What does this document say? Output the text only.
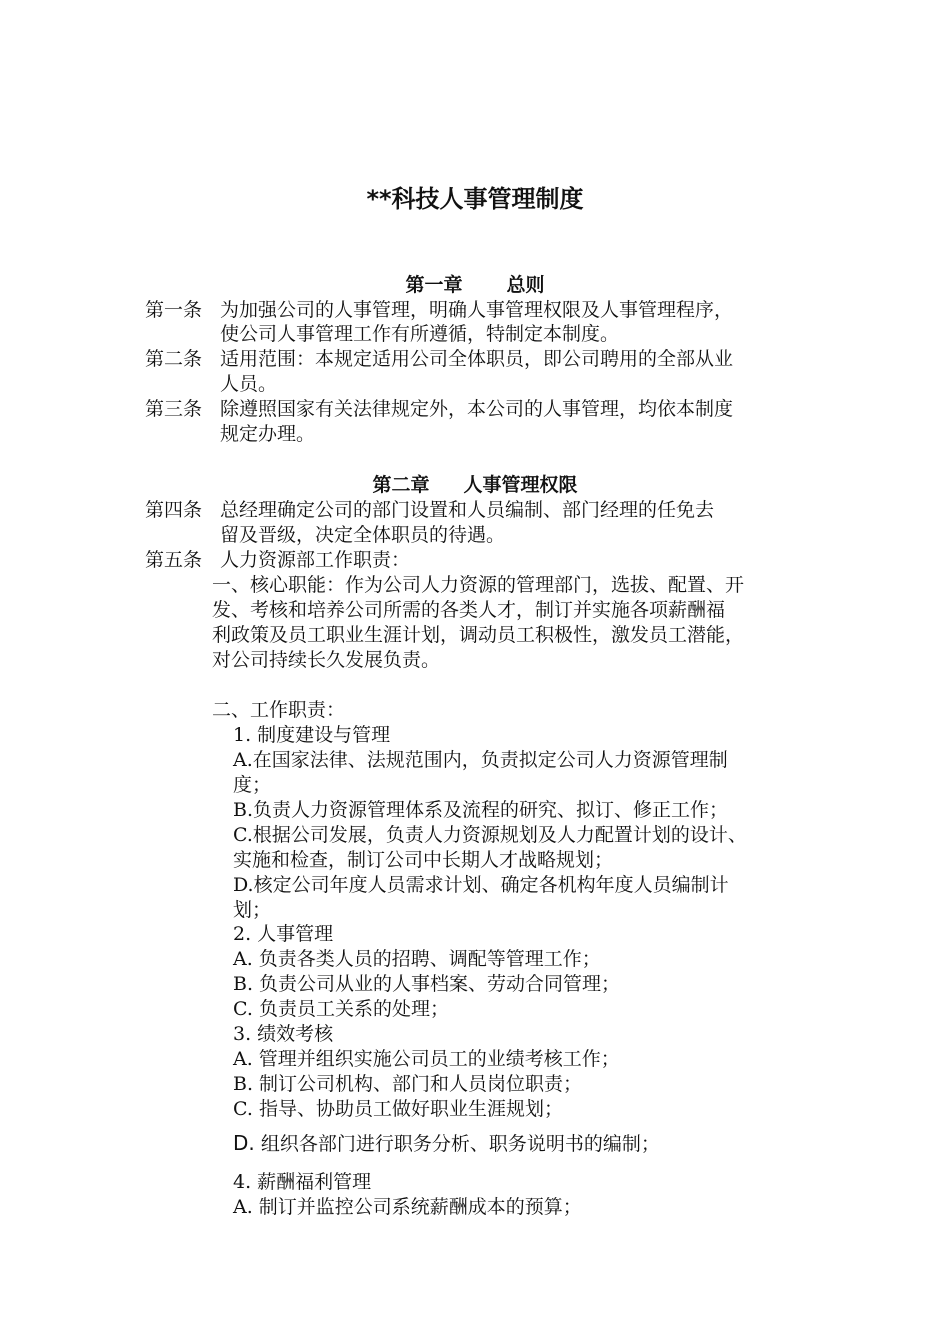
**科技人事管理制度
第一章 总则
第一条 为加强公司的人事管理，明确人事管理权限及人事管理程序，
使公司人事管理工作有所遵循，特制定本制度。
第二条 适用范围：本规定适用公司全体职员，即公司聘用的全部从业
人员。
第三条 除遵照国家有关法律规定外，本公司的人事管理，均依本制度
规定办理。
第二章 人事管理权限
第四条 总经理确定公司的部门设置和人员编制、部门经理的任免去
留及晋级，决定全体职员的待遇。
第五条 人力资源部工作职责：
一、核心职能：作为公司人力资源的管理部门，选拔、配置、开
发、考核和培养公司所需的各类人才，制订并实施各项薪酬福
利政策及员工职业生涯计划，调动员工积极性，激发员工潜能，
对公司持续长久发展负责。
二、工作职责：
1. 制度建设与管理
A.在国家法律、法规范围内，负责拟定公司人力资源管理制
度；
B.负责人力资源管理体系及流程的研究、拟订、修正工作；
C.根据公司发展，负责人力资源规划及人力配置计划的设计、
实施和检查，制订公司中长期人才战略规划；
D.核定公司年度人员需求计划、确定各机构年度人员编制计
划；
2. 人事管理
A. 负责各类人员的招聘、调配等管理工作；
B. 负责公司从业的人事档案、劳动合同管理；
C. 负责员工关系的处理；
3. 绩效考核
A. 管理并组织实施公司员工的业绩考核工作；
B. 制订公司机构、部门和人员岗位职责；
C. 指导、协助员工做好职业生涯规划；
D. 组织各部门进行职务分析、职务说明书的编制；
4. 薪酬福利管理
A. 制订并监控公司系统薪酬成本的预算；
